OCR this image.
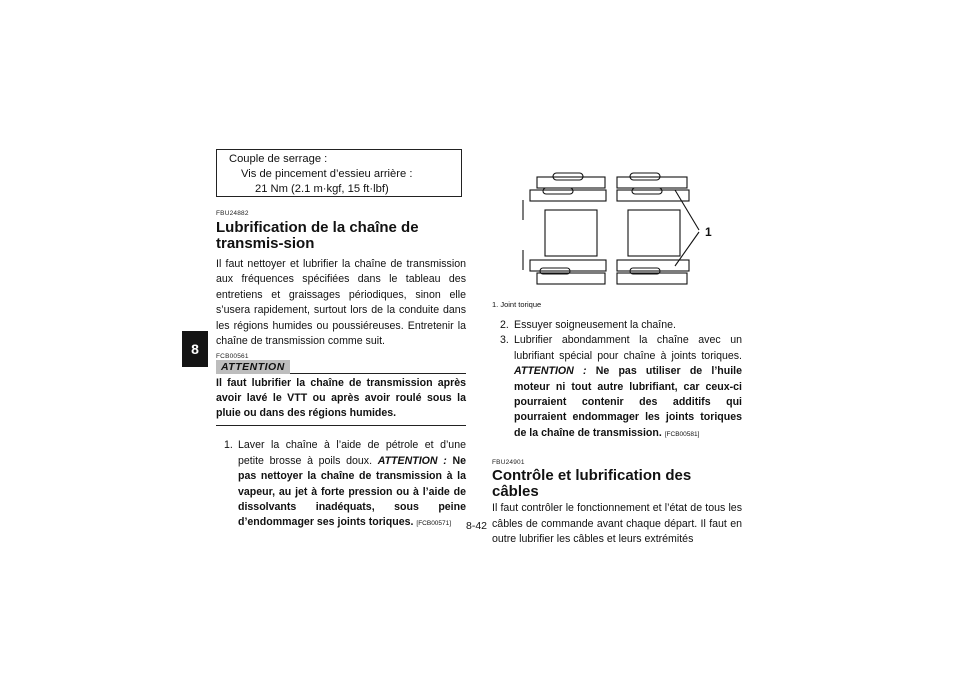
8
Couple de serrage :
Vis de pincement d’essieu arrière :
21 Nm (2.1 m·kgf, 15 ft·lbf)
FBU24882
Lubrification de la chaîne de transmis-sion

Il faut nettoyer et lubrifier la chaîne de transmission aux fréquences spécifiées dans le tableau des entretiens et graissages périodiques, sinon elle s’usera rapidement, surtout lors de la conduite dans les régions humides ou poussiéreuses. Entretenir la chaîne de transmission comme suit.

FCB00561
ATTENTION

Il faut lubrifier la chaîne de transmission après avoir lavé le VTT ou après avoir roulé sous la pluie ou dans des régions humides.

1. Laver la chaîne à l’aide de pétrole et d’une petite brosse à poils doux. ATTENTION : Ne pas nettoyer la chaîne de transmission à la vapeur, au jet à forte pression ou à l’aide de dissolvants inadéquats, sous peine d’endommager ses joints toriques. [FCB00571]
1
1. Joint torique
2. Essuyer soigneusement la chaîne.
3. Lubrifier abondamment la chaîne avec un lubrifiant spécial pour chaîne à joints toriques. ATTENTION : Ne pas utiliser de l’huile moteur ni tout autre lubrifiant, car ceux-ci pourraient contenir des additifs qui pourraient endommager les joints toriques de la chaîne de transmission. [FCB00581]
FBU24901
Contrôle et lubrification des câbles

Il faut contrôler le fonctionnement et l’état de tous les câbles de commande avant chaque départ. Il faut en outre lubrifier les câbles et leurs extrémités

8-42
